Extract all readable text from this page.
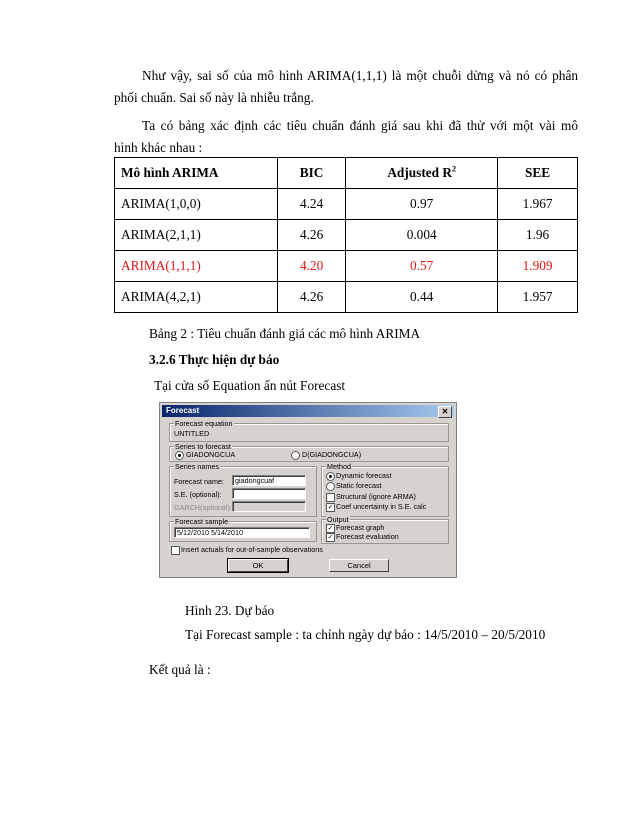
Như vậy, sai số của mô hình ARIMA(1,1,1) là một chuỗi dừng và nó có phân
phối chuẩn. Sai số này là nhiễu trắng.
Ta có bảng xác định các tiêu chuẩn đánh giá sau khi đã thử với một vài mô
hình khác nhau :
Mô hình ARIMA	BIC	Adjusted $R^2$	SEE
ARIMA(1,0,0)	4.24	0.97	1.967
ARIMA(2,1,1)	4.26	0.004	1.96
ARIMA(1,1,1)	4.20	0.57	1.909
ARIMA(4,2,1)	4.26	0.44	1.957
Bảng 2 : Tiêu chuẩn đánh giá các mô hình ARIMA
3.2.6 Thực hiện dự báo
Tại cửa số Equation ấn nút Forecast
Forecast	✕
Forecast equation
UNTITLED
Series to forecast
GIADONGCUA	D(GIADONGCUA)
Series names
Forecast name:	giadongcuaf
S.E. (optional):
GARCH(optional):
Method
Dynamic forecast
Static forecast
Structural (ignore ARMA)
✓ Coef uncertainty in S.E. calc
Forecast sample
5/12/2010 5/14/2010
Output
✓ Forecast graph
✓ Forecast evaluation
Insert actuals for out-of-sample observations
OK	Cancel
Hình 23. Dự báo
Tại Forecast sample : ta chỉnh ngày dự báo : 14/5/2010 – 20/5/2010
Kết quả là :
